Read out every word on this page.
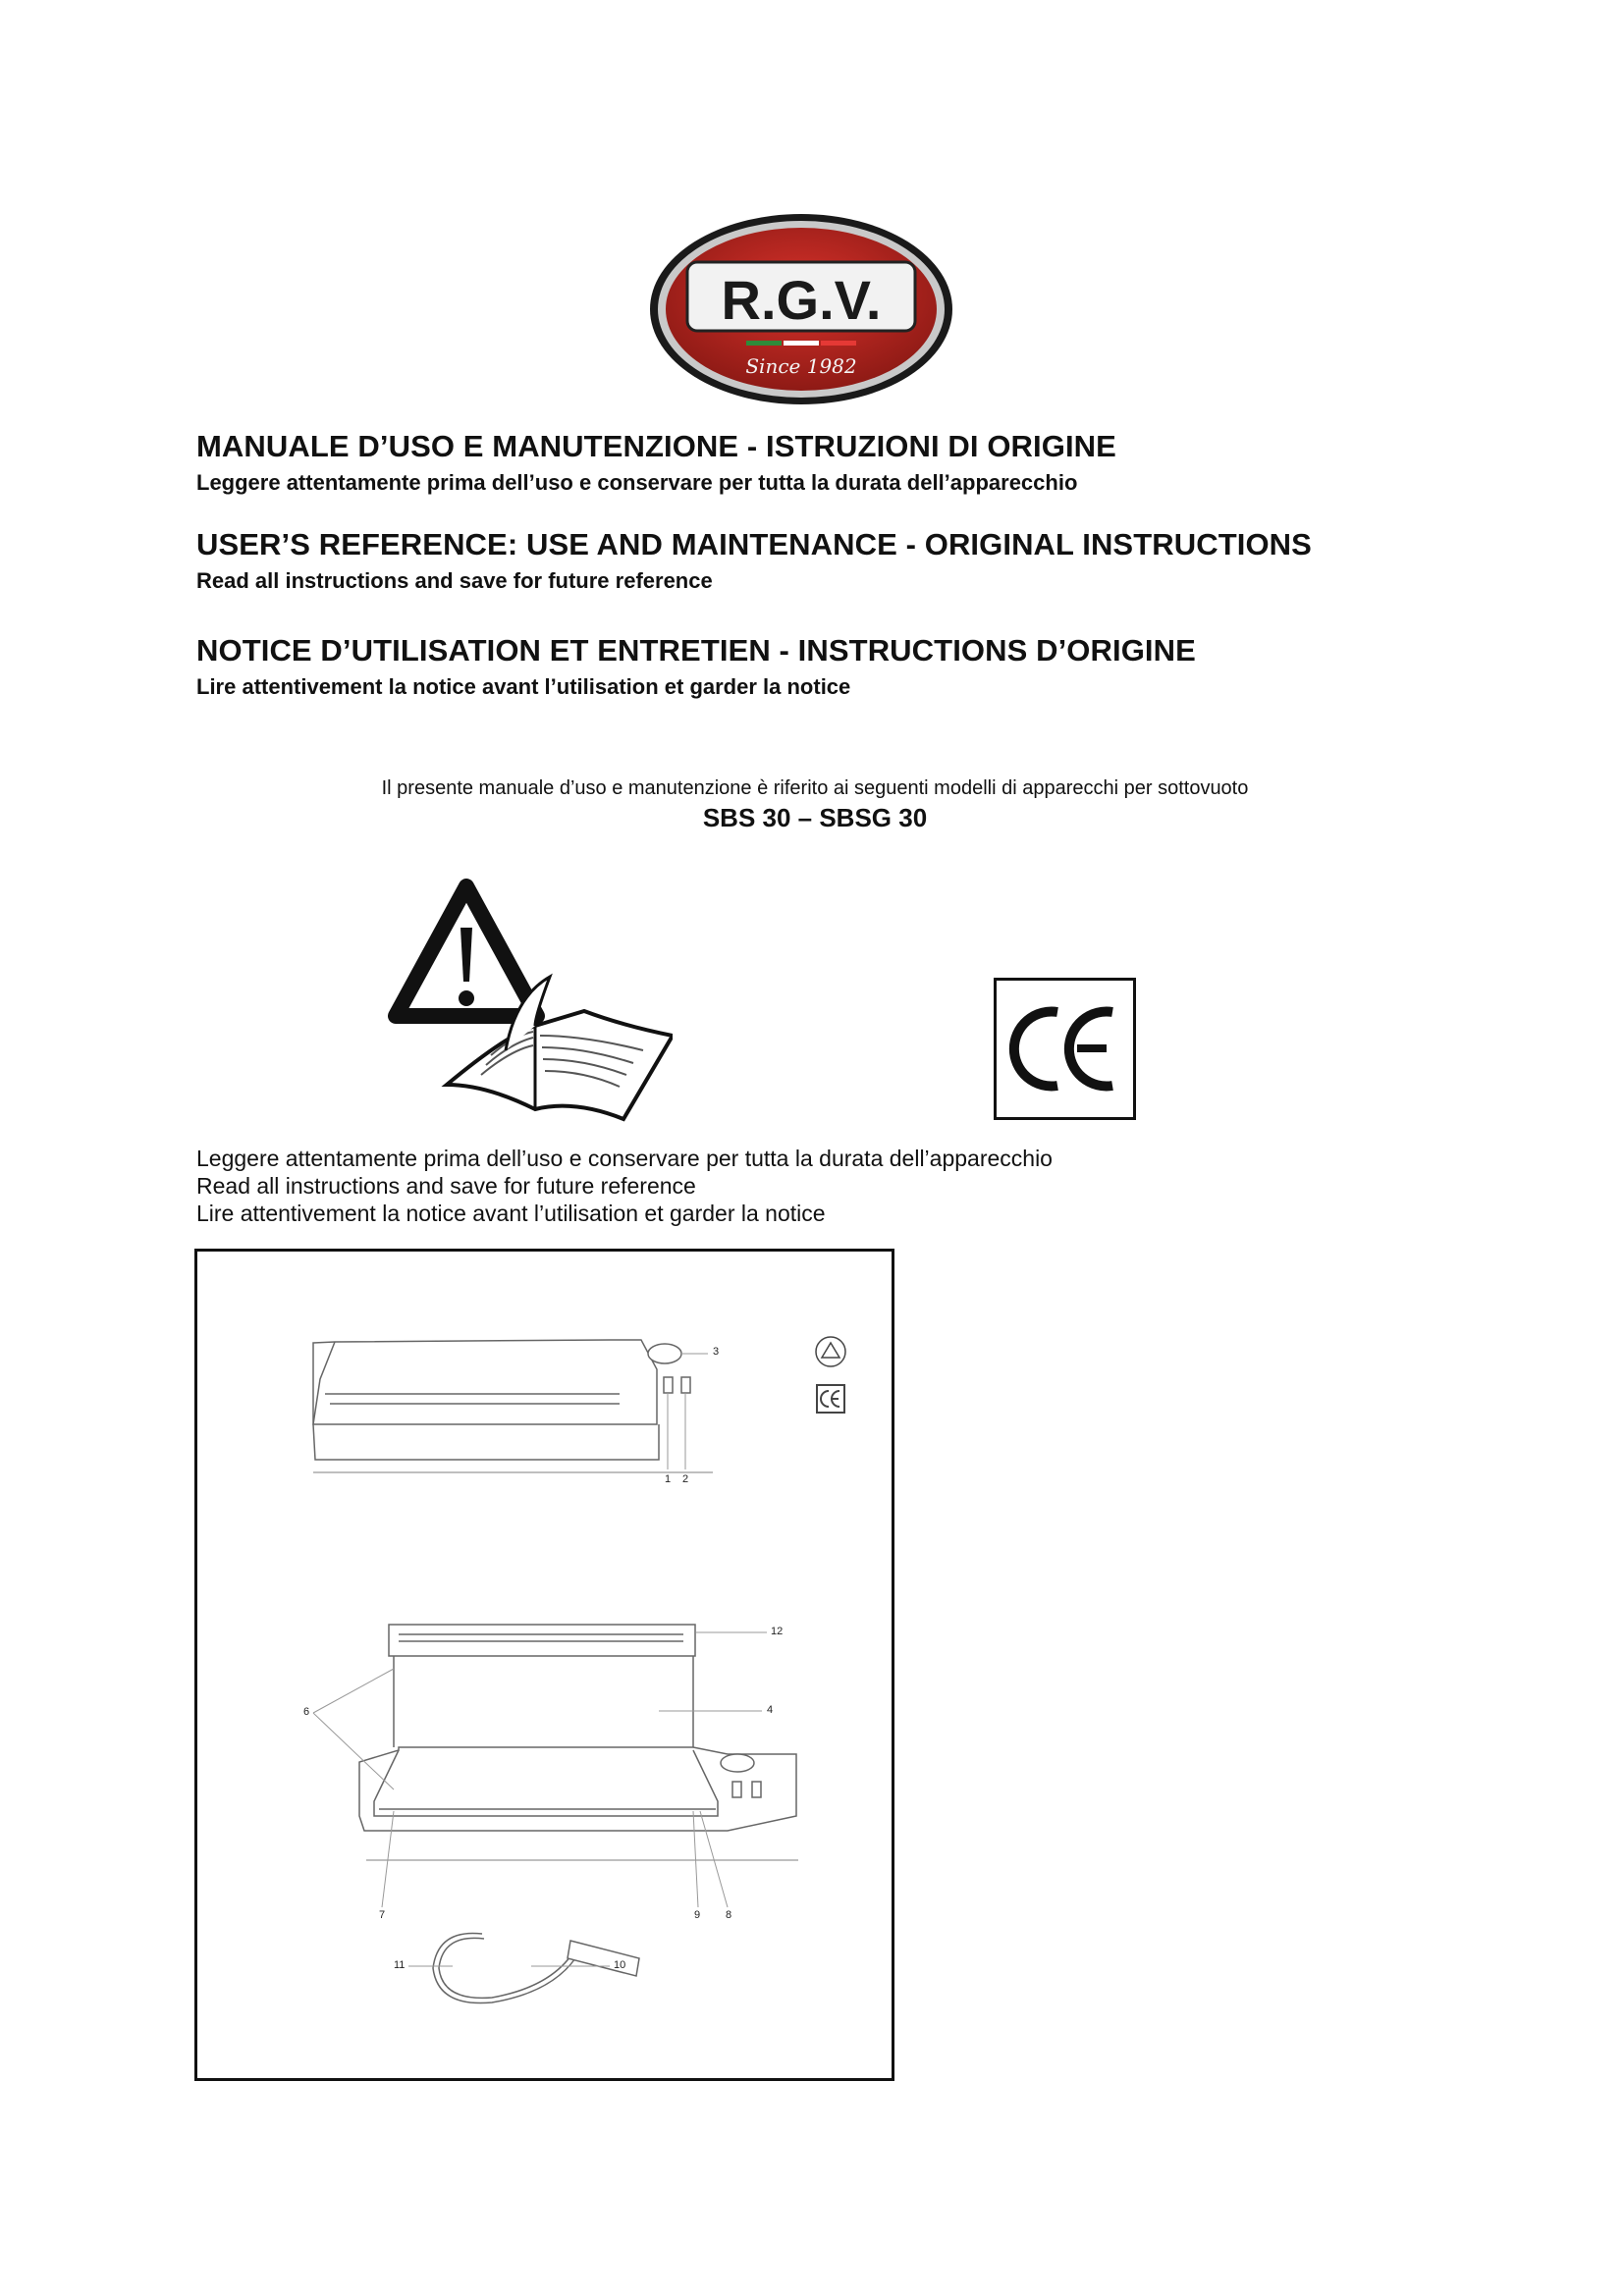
R.G.V.
Since 1982
MANUALE D’USO E MANUTENZIONE - ISTRUZIONI DI ORIGINE
Leggere attentamente prima dell’uso e conservare per tutta la durata dell’apparecchio
USER’S REFERENCE: USE AND MAINTENANCE - ORIGINAL INSTRUCTIONS
Read all instructions and save for future reference
NOTICE D’UTILISATION ET ENTRETIEN - INSTRUCTIONS D’ORIGINE
Lire attentivement la notice avant l’utilisation et garder la notice
Il presente manuale d’uso e manutenzione è riferito ai seguenti modelli di apparecchi per sottovuoto
SBS 30 – SBSG 30
Leggere attentamente prima dell’uso e conservare per tutta la durata dell’apparecchio
Read all instructions and save for future reference
Lire attentivement la notice avant l’utilisation et garder la notice
3
1 2
12
4
6
7	9 8
11	10
